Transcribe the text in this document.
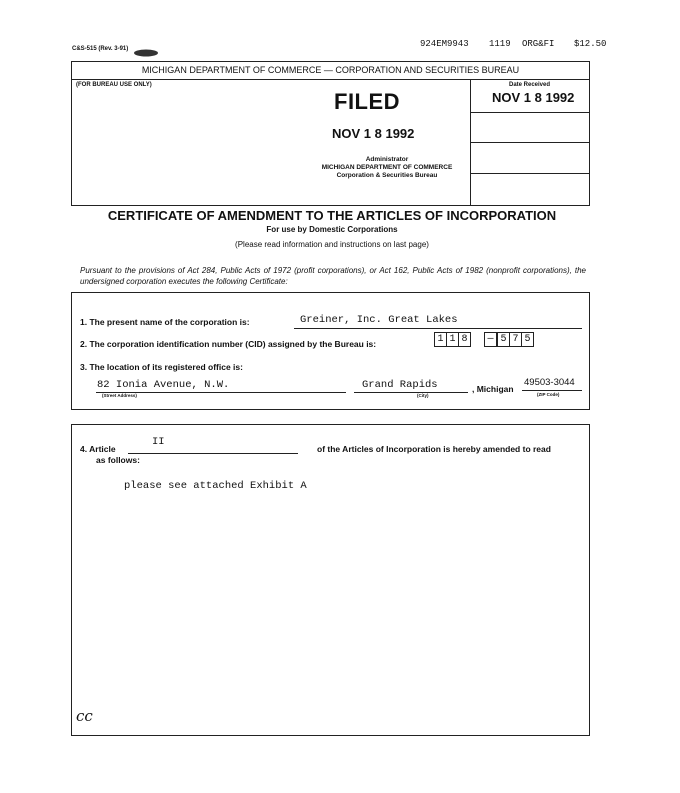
C&S-515 (Rev. 3-91)	924EM9943 1119 ORG&FI $12.50
MICHIGAN DEPARTMENT OF COMMERCE — CORPORATION AND SECURITIES BUREAU
(FOR BUREAU USE ONLY)
FILED
NOV 1 8 1992
Administrator
MICHIGAN DEPARTMENT OF COMMERCE
Corporation & Securities Bureau
Date Received
NOV 1 8 1992
CERTIFICATE OF AMENDMENT TO THE ARTICLES OF INCORPORATION
For use by Domestic Corporations
(Please read information and instructions on last page)
Pursuant to the provisions of Act 284, Public Acts of 1972 (profit corporations), or Act 162, Public Acts of 1982 (nonprofit corporations), the undersigned corporation executes the following Certificate:
1. The present name of the corporation is:	Greiner, Inc. Great Lakes
2. The corporation identification number (CID) assigned by the Bureau is:	1 1 8	— 5 7 5
3. The location of its registered office is:
82 Ionia Avenue, N.W.
(Street Address)
Grand Rapids
(City)
, Michigan
49503-3044
(ZIP Code)
4. Article
II
of the Articles of Incorporation is hereby amended to read
as follows:
please see attached Exhibit A
cc
